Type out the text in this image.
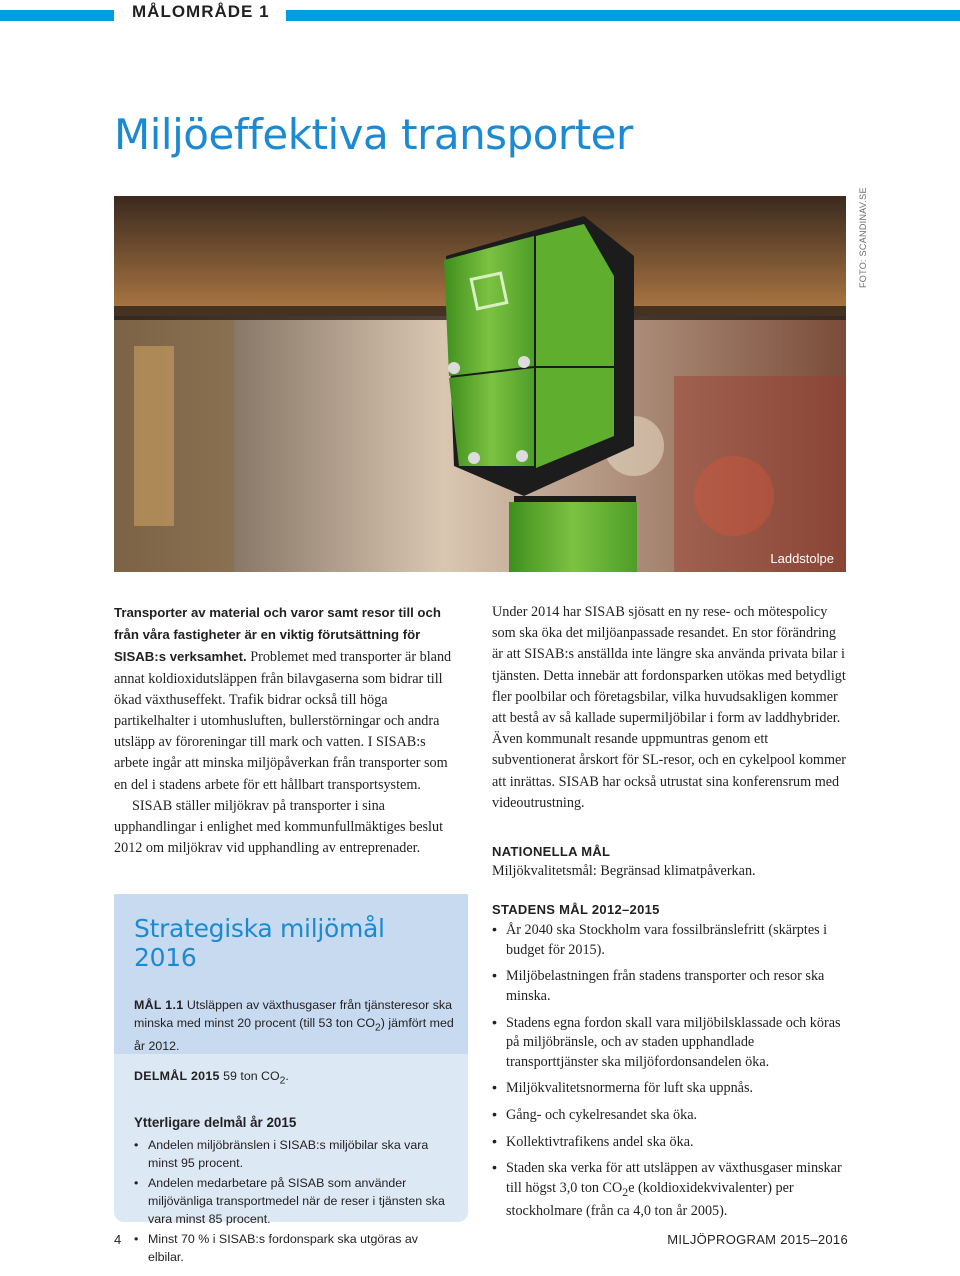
MÅLOMRÅDE 1
Miljöeffektiva transporter
Laddstolpe
FOTO: SCANDINAV.SE

Transporter av material och varor samt resor till och från våra fastigheter är en viktig förutsättning för SISAB:s verksamhet. Problemet med transporter är bland annat koldioxidutsläppen från bilavgaserna som bidrar till ökad växthuseffekt. Trafik bidrar också till höga partikelhalter i utomhusluften, bullerstörningar och andra utsläpp av föroreningar till mark och vatten. I SISAB:s arbete ingår att minska miljöpåverkan från transporter som en del i stadens arbete för ett hållbart transportsystem.

SISAB ställer miljökrav på transporter i sina upphandlingar i enlighet med kommunfullmäktiges beslut 2012 om miljökrav vid upphandling av entreprenader.

Strategiska miljömål 2016

MÅL 1.1 Utsläppen av växthusgaser från tjänsteresor ska minska med minst 20 procent (till 53 ton $CO_2$) jämfört med år 2012.

DELMÅL 2015 59 ton $CO_2$.

Ytterligare delmål år 2015
• Andelen miljöbränslen i SISAB:s miljöbilar ska vara minst 95 procent.
• Andelen medarbetare på SISAB som använder miljövänliga transportmedel när de reser i tjänsten ska vara minst 85 procent.
• Minst 70 % i SISAB:s fordonspark ska utgöras av elbilar.

Under 2014 har SISAB sjösatt en ny rese- och mötespolicy som ska öka det miljöanpassade resandet. En stor förändring är att SISAB:s anställda inte längre ska använda privata bilar i tjänsten. Detta innebär att fordonsparken utökas med betydligt fler poolbilar och företagsbilar, vilka huvudsakligen kommer att bestå av så kallade supermiljöbilar i form av laddhybrider. Även kommunalt resande uppmuntras genom ett subventionerat årskort för SL-resor, och en cykelpool kommer att inrättas. SISAB har också utrustat sina konferensrum med videoutrustning.

NATIONELLA MÅL

Miljökvalitetsmål: Begränsad klimatpåverkan.

STADENS MÅL 2012–2015
• År 2040 ska Stockholm vara fossilbränslefritt (skärptes i budget för 2015).
• Miljöbelastningen från stadens transporter och resor ska minska.
• Stadens egna fordon skall vara miljöbilsklassade och köras på miljöbränsle, och av staden upphandlade transporttjänster ska miljöfordonsandelen öka.
• Miljökvalitetsnormerna för luft ska uppnås.
• Gång- och cykelresandet ska öka.
• Kollektivtrafikens andel ska öka.
• Staden ska verka för att utsläppen av växthusgaser minskar till högst 3,0 ton $CO_2e$ (koldioxidekvivalenter) per stockholmare (från ca 4,0 ton år 2005).
4	MILJÖPROGRAM 2015–2016
